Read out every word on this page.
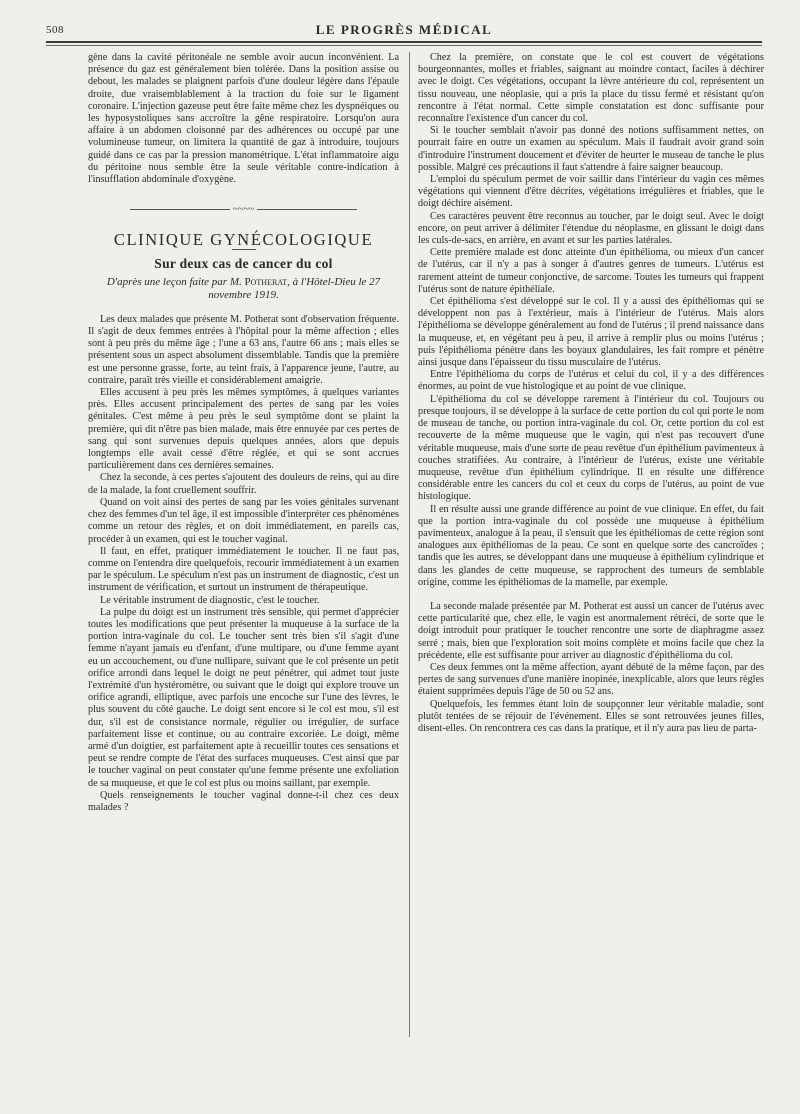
508	LE PROGRÈS MÉDICAL

gène dans la cavité péritonéale ne semble avoir aucun inconvénient. La présence du gaz est généralement bien tolérée. Dans la position assise ou debout, les malades se plaignent parfois d'une douleur légère dans l'épaule droite, due vraisemblablement à la traction du foie sur le ligament coronaire. L'injection gazeuse peut être faite même chez les dyspnéiques ou les hyposystoliques sans accroître la gêne respiratoire. Lorsqu'on aura affaire à un abdomen cloisonné par des adhérences ou occupé par une volumineuse tumeur, on limitera la quantité de gaz à introduire, toujours guidé dans ce cas par la pression manométrique. L'état inflammatoire aigu du péritoine nous semble être la seule véritable contre-indication à l'insufflation abdominale d'oxygène.

~~~~
CLINIQUE GYNÉCOLOGIQUE
Sur deux cas de cancer du col
D'après une leçon faite par M. Potherat, à l'Hôtel-Dieu le 27 novembre 1919.

Les deux malades que présente M. Potherat sont d'observation fréquente. Il s'agit de deux femmes entrées à l'hôpital pour la même affection ; elles sont à peu près du même âge ; l'une a 63 ans, l'autre 66 ans ; mais elles se présentent sous un aspect absolument dissemblable. Tandis que la première est une personne grasse, forte, au teint frais, à l'apparence jeune, l'autre, au contraire, paraît très vieille et considérablement amaigrie.

Elles accusent à peu près les mêmes symptômes, à quelques variantes près. Elles accusent principalement des pertes de sang par les voies génitales. C'est même à peu près le seul symptôme dont se plaint la première, qui dit n'être pas bien malade, mais être ennuyée par ces pertes de sang qui sont survenues depuis quelques années, alors que depuis longtemps elle avait cessé d'être réglée, et qui se sont accrues particulièrement dans ces dernières semaines.

Chez la seconde, à ces pertes s'ajoutent des douleurs de reins, qui au dire de la malade, la font cruellement souffrir.

Quand on voit ainsi des pertes de sang par les voies génitales survenant chez des femmes d'un tel âge, il est impossible d'interpréter ces phénomènes comme un retour des règles, et on doit immédiatement, en pareils cas, procéder à un examen, qui est le toucher vaginal.

Il faut, en effet, pratiquer immédiatement le toucher. Il ne faut pas, comme on l'entendra dire quelquefois, recourir immédiatement à un examen par le spéculum. Le spéculum n'est pas un instrument de diagnostic, c'est un instrument de vérification, et surtout un instrument de thérapeutique.

Le véritable instrument de diagnostic, c'est le toucher.

La pulpe du doigt est un instrument très sensible, qui permet d'apprécier toutes les modifications que peut présenter la muqueuse à la surface de la portion intra-vaginale du col. Le toucher sent très bien s'il s'agit d'une femme n'ayant jamais eu d'enfant, d'une multipare, ou d'une femme ayant eu un accouchement, ou d'une nullipare, suivant que le col présente un petit orifice arrondi dans lequel le doigt ne peut pénétrer, qui admet tout juste l'extrémité d'un hystéromètre, ou suivant que le doigt qui explore trouve un orifice agrandi, elliptique, avec parfois une encoche sur l'une des lèvres, le plus souvent du côté gauche. Le doigt sent encore si le col est mou, s'il est dur, s'il est de consistance normale, régulier ou irrégulier, de surface parfaitement lisse et continue, ou au contraire excoriée. Le doigt, même armé d'un doigtier, est parfaitement apte à recueillir toutes ces sensations et peut se rendre compte de l'état des surfaces muqueuses. C'est ainsi que par le toucher vaginal on peut constater qu'une femme présente une exfoliation de sa muqueuse, et que le col est plus ou moins saillant, par exemple.

Quels renseignements le toucher vaginal donne-t-il chez ces deux malades ?

Chez la première, on constate que le col est couvert de végétations bourgeonnantes, molles et friables, saignant au moindre contact, faciles à déchirer avec le doigt. Ces végétations, occupant la lèvre antérieure du col, représentent un tissu nouveau, une néoplasie, qui a pris la place du tissu fermé et résistant qu'on rencontre à l'état normal. Cette simple constatation est donc suffisante pour reconnaître l'existence d'un cancer du col.

Si le toucher semblait n'avoir pas donné des notions suffisamment nettes, on pourrait faire en outre un examen au spéculum. Mais il faudrait avoir grand soin d'introduire l'instrument doucement et d'éviter de heurter le museau de tanche le plus possible. Malgré ces précautions il faut s'attendre à faire saigner beaucoup.

L'emploi du spéculum permet de voir saillir dans l'intérieur du vagin ces mêmes végétations qui viennent d'être décrites, végétations irrégulières et friables, que le doigt déchire aisément.

Ces caractères peuvent être reconnus au toucher, par le doigt seul. Avec le doigt encore, on peut arriver à délimiter l'étendue du néoplasme, en glissant le doigt dans les culs-de-sacs, en arrière, en avant et sur les parties latérales.

Cette première malade est donc atteinte d'un épithélioma, ou mieux d'un cancer de l'utérus, car il n'y a pas à songer à d'autres genres de tumeurs. L'utérus est rarement atteint de tumeur conjonctive, de sarcome. Toutes les tumeurs qui frappent l'utérus sont de nature épithéliale.

Cet épithélioma s'est développé sur le col. Il y a aussi des épithéliomas qui se développent non pas à l'extérieur, mais à l'intérieur de l'utérus. Mais alors l'épithélioma se développe généralement au fond de l'utérus ; il prend naissance dans la muqueuse, et, en végétant peu à peu, il arrive à remplir plus ou moins l'utérus ; puis l'épithélioma pénètre dans les boyaux glandulaires, les fait rompre et pénètre ainsi jusque dans l'épaisseur du tissu musculaire de l'utérus.

Entre l'épithélioma du corps de l'utérus et celui du col, il y a des différences énormes, au point de vue histologique et au point de vue clinique.

L'épithélioma du col se développe rarement à l'intérieur du col. Toujours ou presque toujours, il se développe à la surface de cette portion du col qui porte le nom de museau de tanche, ou portion intra-vaginale du col. Or, cette portion du col est recouverte de la même muqueuse que le vagin, qui n'est pas recouvert d'une véritable muqueuse, mais d'une sorte de peau revêtue d'un épithélium pavimenteux à couches stratifiées. Au contraire, à l'intérieur de l'utérus, existe une véritable muqueuse, revêtue d'un épithélium cylindrique. Il en résulte une différence considérable entre les cancers du col et ceux du corps de l'utérus, au point de vue histologique.

Il en résulte aussi une grande différence au point de vue clinique. En effet, du fait que la portion intra-vaginale du col possède une muqueuse à épithélium pavimenteux, analogue à la peau, il s'ensuit que les épithéliomas de cette région sont analogues aux épithéliomas de la peau. Ce sont en quelque sorte des cancroïdes ; tandis que les autres, se développant dans une muqueuse à épithélium cylindrique et dans les glandes de cette muqueuse, se rapprochent des tumeurs de semblable origine, comme les épithéliomas de la mamelle, par exemple.

La seconde malade présentée par M. Potherat est aussi un cancer de l'utérus avec cette particularité que, chez elle, le vagin est anormalement rétréci, de sorte que le doigt introduit pour pratiquer le toucher rencontre une sorte de diaphragme assez serré ; mais, bien que l'exploration soit moins complète et moins facile que chez la précédente, elle est suffisante pour arriver au diagnostic d'épithélioma du col.

Ces deux femmes ont la même affection, ayant débuté de la même façon, par des pertes de sang survenues d'une manière inopinée, inexplicable, alors que leurs règles étaient supprimées depuis l'âge de 50 ou 52 ans.

Quelquefois, les femmes étant loin de soupçonner leur véritable maladie, sont plutôt tentées de se réjouir de l'événement. Elles se sont retrouvées jeunes filles, disent-elles. On rencontrera ces cas dans la pratique, et il n'y aura pas lieu de parta-
